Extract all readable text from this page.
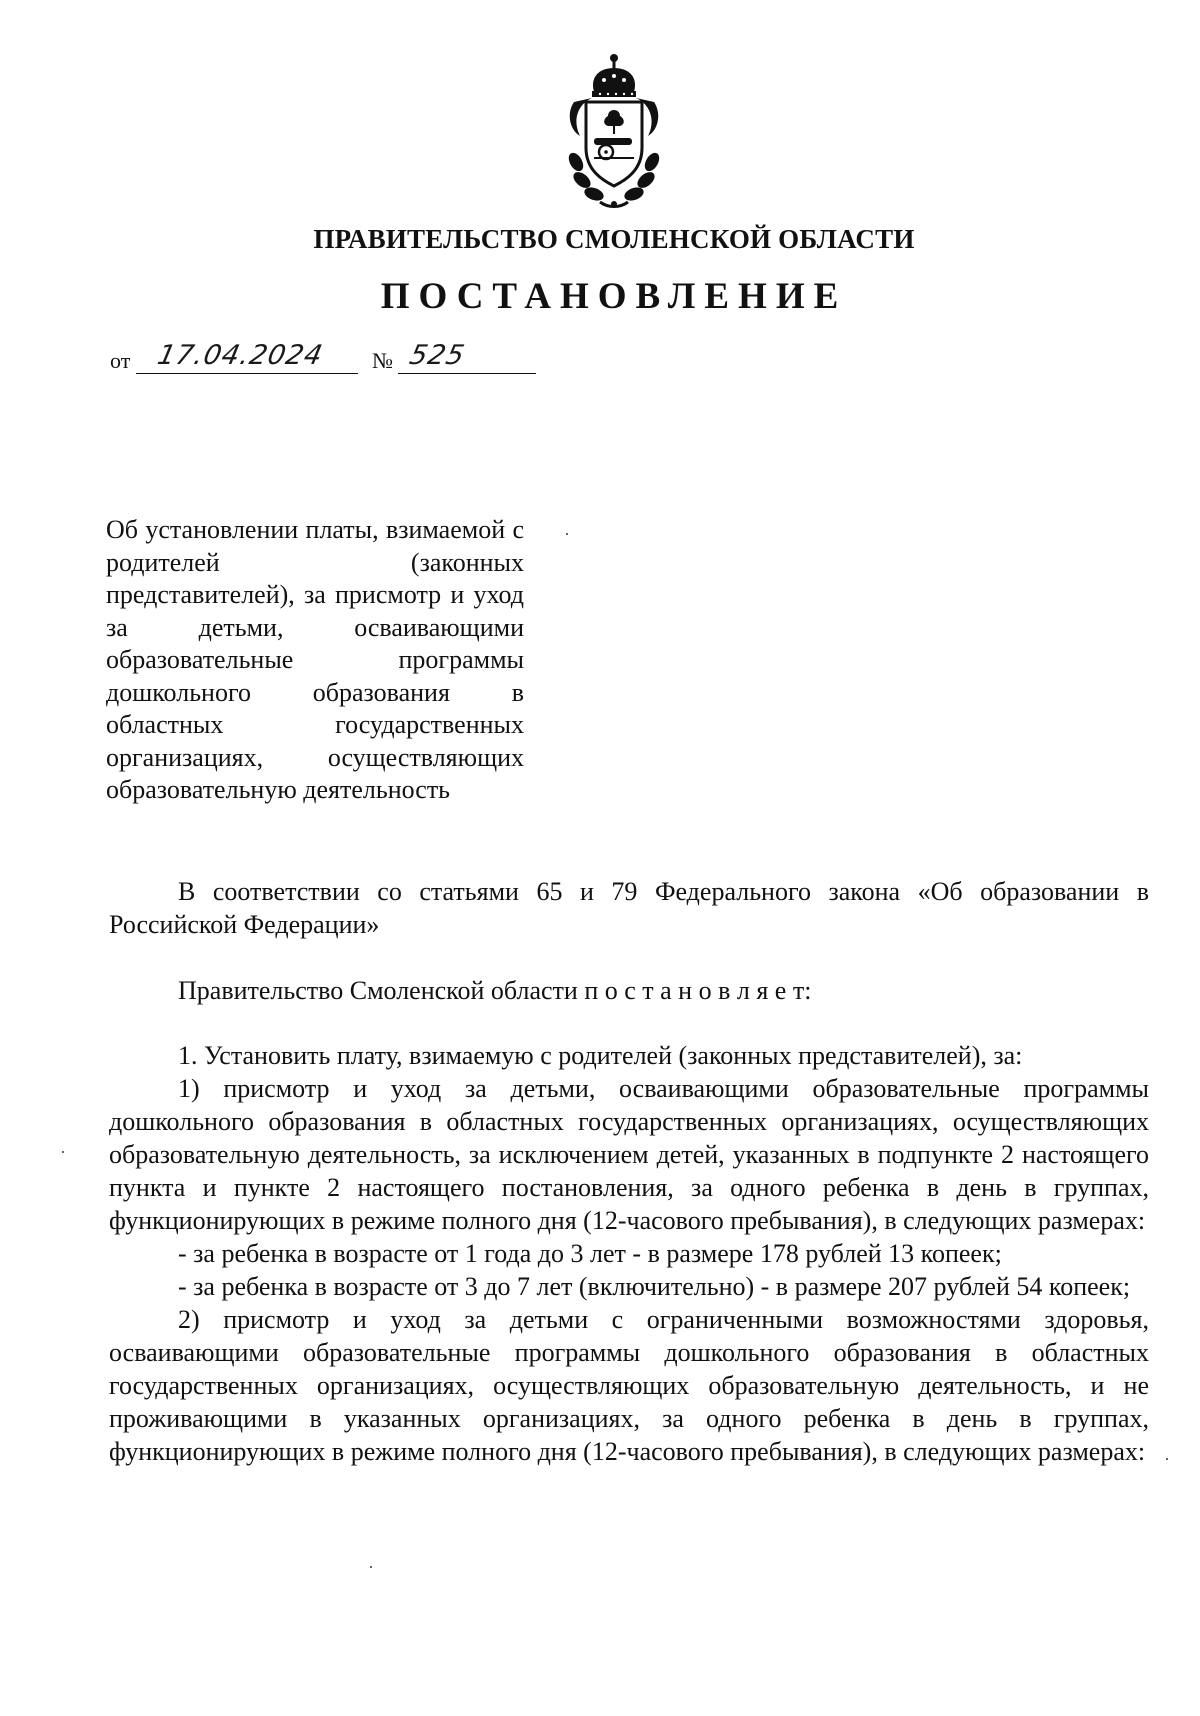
ПРАВИТЕЛЬСТВО СМОЛЕНСКОЙ ОБЛАСТИ
ПОСТАНОВЛЕНИЕ
от 17.04.2024 № 525
Об установлении платы, взимаемой с родителей (законных представителей), за присмотр и уход за детьми, осваивающими образовательные программы дошкольного образования в областных государственных организациях, осуществляющих образовательную деятельность

В соответствии со статьями 65 и 79 Федерального закона «Об образовании в Российской Федерации»

Правительство Смоленской области п о с т а н о в л я е т:

1. Установить плату, взимаемую с родителей (законных представителей), за:

1) присмотр и уход за детьми, осваивающими образовательные программы дошкольного образования в областных государственных организациях, осуществляющих образовательную деятельность, за исключением детей, указанных в подпункте 2 настоящего пункта и пункте 2 настоящего постановления, за одного ребенка в день в группах, функционирующих в режиме полного дня (12-часового пребывания), в следующих размерах:

- за ребенка в возрасте от 1 года до 3 лет - в размере 178 рублей 13 копеек;

- за ребенка в возрасте от 3 до 7 лет (включительно) - в размере 207 рублей 54 копеек;

2) присмотр и уход за детьми с ограниченными возможностями здоровья, осваивающими образовательные программы дошкольного образования в областных государственных организациях, осуществляющих образовательную деятельность, и не проживающими в указанных организациях, за одного ребенка в день в группах, функционирующих в режиме полного дня (12-часового пребывания), в следующих размерах:
